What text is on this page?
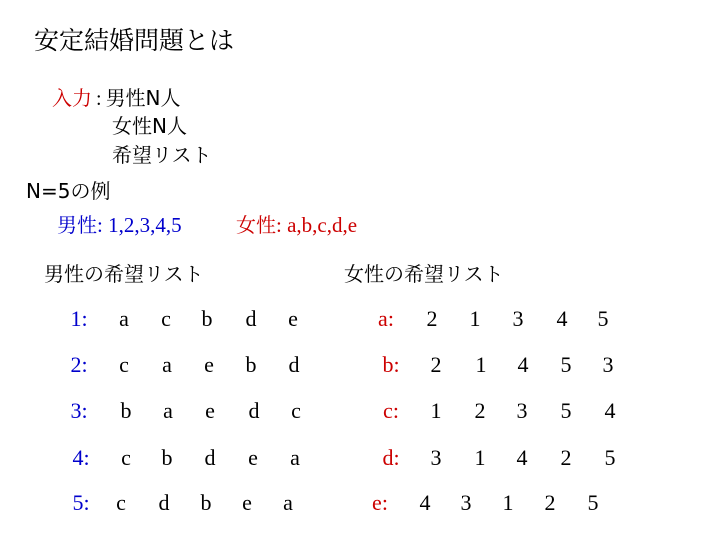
安定結婚問題とは
入力 : 男性N人
女性N人
希望リスト
N=5の例
男性: 1,2,3,4,5	女性: a,b,c,d,e
男性の希望リスト	女性の希望リスト
1: a c b d e
2: c a e b d
3: b a e d c
4: c b d e a
5: c d b e a
a: 2 1 3 4 5
b: 2 1 4 5 3
c: 1 2 3 5 4
d: 3 1 4 2 5
e: 4 3 1 2 5
